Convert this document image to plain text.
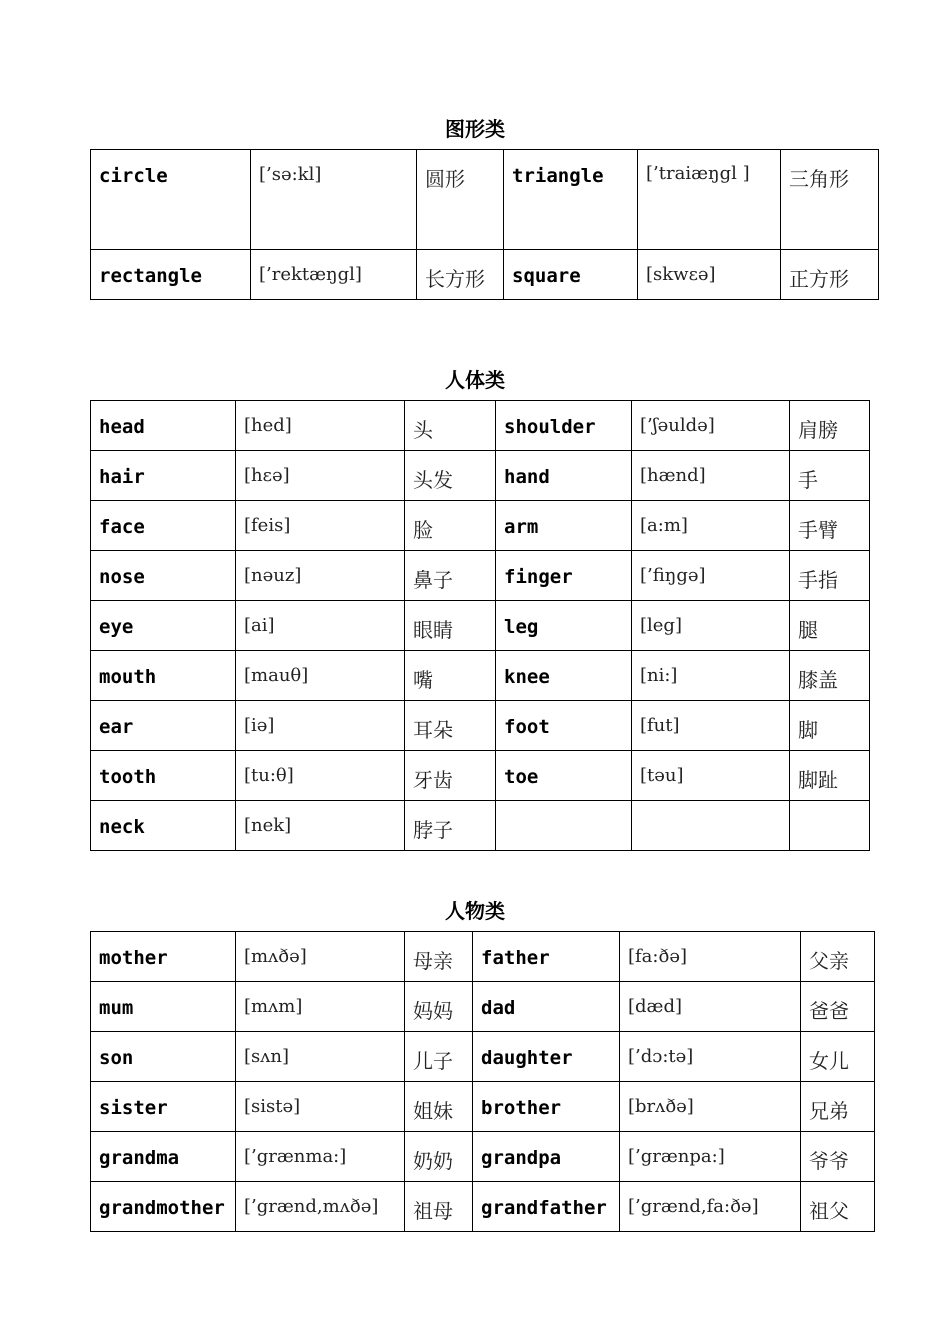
图形类
circle	[’sə:kl]	圆形	triangle	[’traiæŋgl ]	三角形
rectangle	[’rektæŋgl]	长方形	square	[skwɛə]	正方形
人体类
head	[hed]	头	shoulder	[’ʃəuldə]	肩膀
hair	[hɛə]	头发	hand	[hænd]	手
face	[feis]	脸	arm	[a:m]	手臂
nose	[nəuz]	鼻子	finger	[’fiŋgə]	手指
eye	[ai]	眼睛	leg	[leg]	腿
mouth	[mauθ]	嘴	knee	[ni:]	膝盖
ear	[iə]	耳朵	foot	[fut]	脚
tooth	[tu:θ]	牙齿	toe	[təu]	脚趾
neck	[nek]	脖子			
人物类
mother	[mʌðə]	母亲	father	[fa:ðə]	父亲
mum	[mʌm]	妈妈	dad	[dæd]	爸爸
son	[sʌn]	儿子	daughter	[’dɔ:tə]	女儿
sister	[sistə]	姐妹	brother	[brʌðə]	兄弟
grandma	[’grænma:]	奶奶	grandpa	[’grænpa:]	爷爷
grandmother	[’grænd,mʌðə]	祖母	grandfather	[’grænd,fa:ðə]	祖父
